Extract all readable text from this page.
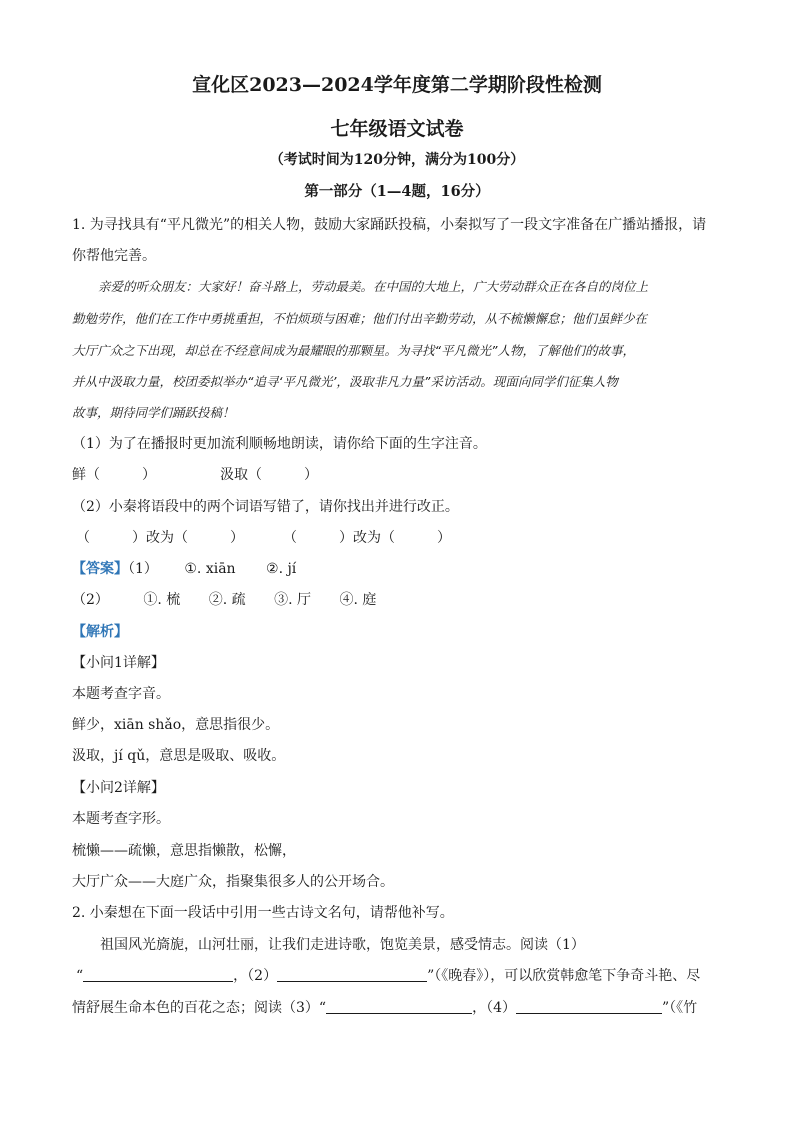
宣化区2023—2024学年度第二学期阶段性检测
七年级语文试卷
（考试时间为120分钟，满分为100分）
第一部分（1—4题，16分）
1. 为寻找具有“平凡微光”的相关人物，鼓励大家踊跃投稿，小秦拟写了一段文字准备在广播站播报，请
你帮他完善。
亲爱的听众朋友：大家好！奋斗路上，劳动最美。在中国的大地上，广大劳动群众正在各自的岗位上
勤勉劳作，他们在工作中勇挑重担，不怕烦琐与困难；他们付出辛勤劳动，从不梳懒懈怠；他们虽鲜少在
大厅广众之下出现，却总在不经意间成为最耀眼的那颗星。为寻找“平凡微光”人物，了解他们的故事，
并从中汲取力量，校团委拟举办“追寻‘平凡微光’，汲取非凡力量”采访活动。现面向同学们征集人物
故事，期待同学们踊跃投稿！
（1）为了在播报时更加流利顺畅地朗读，请你给下面的生字注音。
鲜（　　　）	汲取（　　　）
（2）小秦将语段中的两个词语写错了，请你找出并进行改正。
（　　　）改为（　　　）	（　　　）改为（　　　）
【答案】（1） ①. xiān ②. jí
（2） ①. 梳 ②. 疏 ③. 厅 ④. 庭
【解析】
【小问1详解】
本题考查字音。
鲜少，xiān shǎo，意思指很少。
汲取，jí qǔ，意思是吸取、吸收。
【小问2详解】
本题考查字形。
梳懒——疏懒，意思指懒散，松懈，
大厅广众——大庭广众，指聚集很多人的公开场合。
2. 小秦想在下面一段话中引用一些古诗文名句，请帮他补写。
祖国风光旖旎，山河壮丽，让我们走进诗歌，饱览美景，感受情志。阅读（1）
“	，（2）	”（《晚春》），可以欣赏韩愈笔下争奇斗艳、尽
情舒展生命本色的百花之态；阅读（3）“	，（4）	”（《竹
